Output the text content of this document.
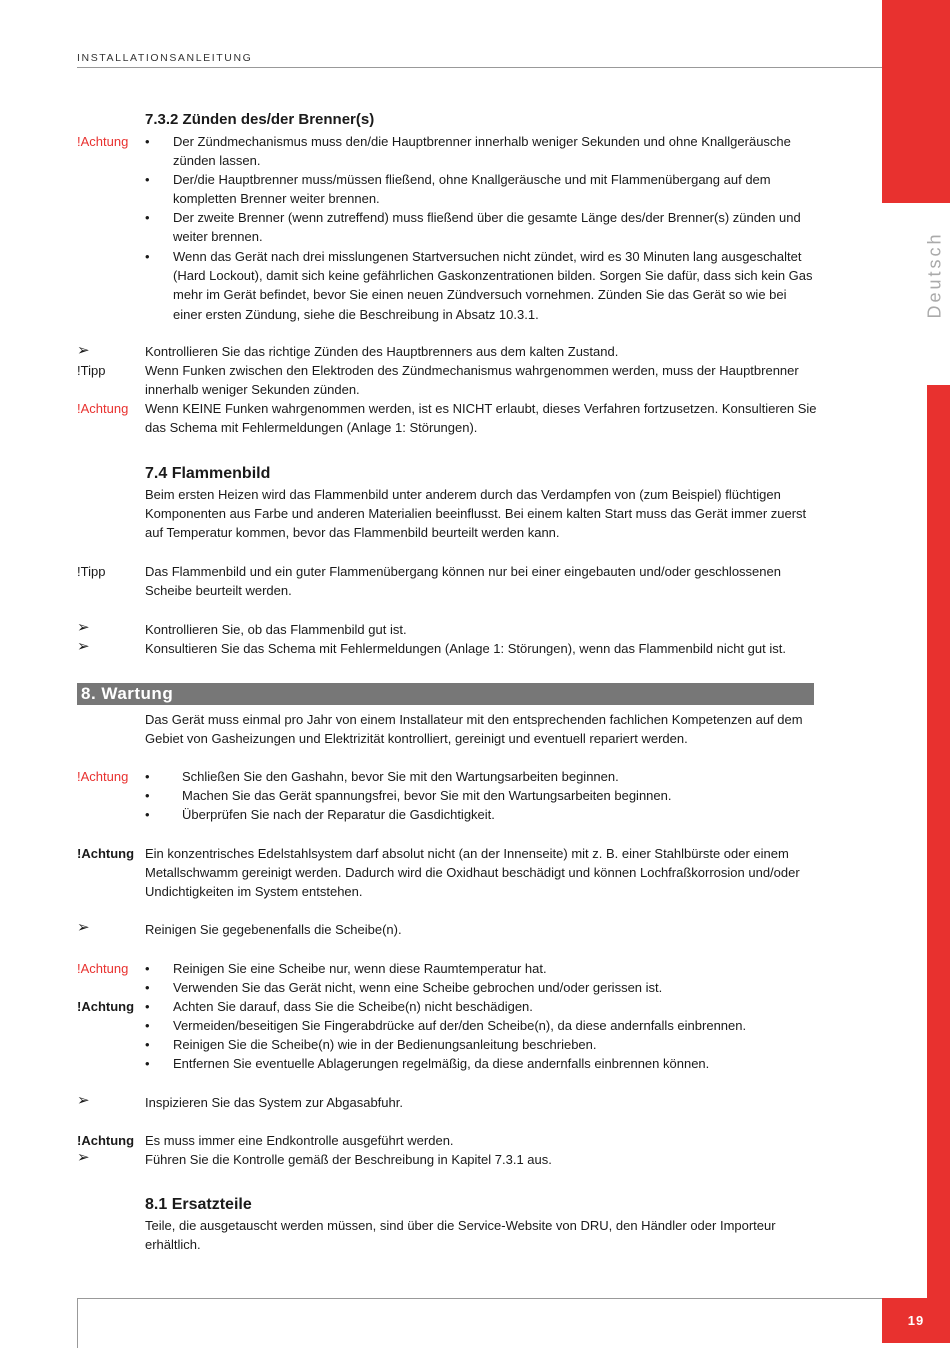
INSTALLATIONSANLEITUNG
Deutsch
7.3.2 Zünden des/der Brenner(s)
!Achtung •	Der Zündmechanismus muss den/die Hauptbrenner innerhalb weniger Sekunden und ohne Knallgeräusche zünden lassen.
•	Der/die Hauptbrenner muss/müssen fließend, ohne Knallgeräusche und mit Flammenübergang auf dem kompletten Brenner weiter brennen.
•	Der zweite Brenner (wenn zutreffend) muss fließend über die gesamte Länge des/der Brenner(s) zünden und weiter brennen.
•	Wenn das Gerät nach drei misslungenen Startversuchen nicht zündet, wird es 30 Minuten lang ausgeschaltet (Hard Lockout), damit sich keine gefährlichen Gaskonzentrationen bilden. Sorgen Sie dafür, dass sich kein Gas mehr im Gerät befindet, bevor Sie einen neuen Zündversuch vornehmen. Zünden Sie das Gerät so wie bei einer ersten Zündung, siehe die Beschreibung in Absatz 10.3.1.
➢	Kontrollieren Sie das richtige Zünden des Hauptbrenners aus dem kalten Zustand.
!Tipp	Wenn Funken zwischen den Elektroden des Zündmechanismus wahrgenommen werden, muss der Hauptbrenner innerhalb weniger Sekunden zünden.
!Achtung Wenn KEINE Funken wahrgenommen werden, ist es NICHT erlaubt, dieses Verfahren fortzusetzen. Konsultieren Sie das Schema mit Fehlermeldungen (Anlage 1: Störungen).
7.4 Flammenbild
Beim ersten Heizen wird das Flammenbild unter anderem durch das Verdampfen von (zum Beispiel) flüchtigen Komponenten aus Farbe und anderen Materialien beeinflusst. Bei einem kalten Start muss das Gerät immer zuerst auf Temperatur kommen, bevor das Flammenbild beurteilt werden kann.
!Tipp	Das Flammenbild und ein guter Flammenübergang können nur bei einer eingebauten und/oder geschlossenen Scheibe beurteilt werden.
➢	Kontrollieren Sie, ob das Flammenbild gut ist.
➢	Konsultieren Sie das Schema mit Fehlermeldungen (Anlage 1: Störungen), wenn das Flammenbild nicht gut ist.
8. Wartung
Das Gerät muss einmal pro Jahr von einem Installateur mit den entsprechenden fachlichen Kompetenzen auf dem Gebiet von Gasheizungen und Elektrizität kontrolliert, gereinigt und eventuell repariert werden.
!Achtung •	Schließen Sie den Gashahn, bevor Sie mit den Wartungsarbeiten beginnen.
•	Machen Sie das Gerät spannungsfrei, bevor Sie mit den Wartungsarbeiten beginnen.
•	Überprüfen Sie nach der Reparatur die Gasdichtigkeit.
!Achtung Ein konzentrisches Edelstahlsystem darf absolut nicht (an der Innenseite) mit z. B. einer Stahlbürste oder einem Metallschwamm gereinigt werden. Dadurch wird die Oxidhaut beschädigt und können Lochfraßkorrosion und/oder Undichtigkeiten im System entstehen.
➢	Reinigen Sie gegebenenfalls die Scheibe(n).
!Achtung •	Reinigen Sie eine Scheibe nur, wenn diese Raumtemperatur hat.
•	Verwenden Sie das Gerät nicht, wenn eine Scheibe gebrochen und/oder gerissen ist.
!Achtung •	Achten Sie darauf, dass Sie die Scheibe(n) nicht beschädigen.
•	Vermeiden/beseitigen Sie Fingerabdrücke auf der/den Scheibe(n), da diese andernfalls einbrennen.
•	Reinigen Sie die Scheibe(n) wie in der Bedienungsanleitung beschrieben.
•	Entfernen Sie eventuelle Ablagerungen regelmäßig, da diese andernfalls einbrennen können.
➢	Inspizieren Sie das System zur Abgasabfuhr.
!Achtung Es muss immer eine Endkontrolle ausgeführt werden.
➢	Führen Sie die Kontrolle gemäß der Beschreibung in Kapitel 7.3.1 aus.
8.1 Ersatzteile
Teile, die ausgetauscht werden müssen, sind über die Service-Website von DRU, den Händler oder Importeur erhältlich.
19
